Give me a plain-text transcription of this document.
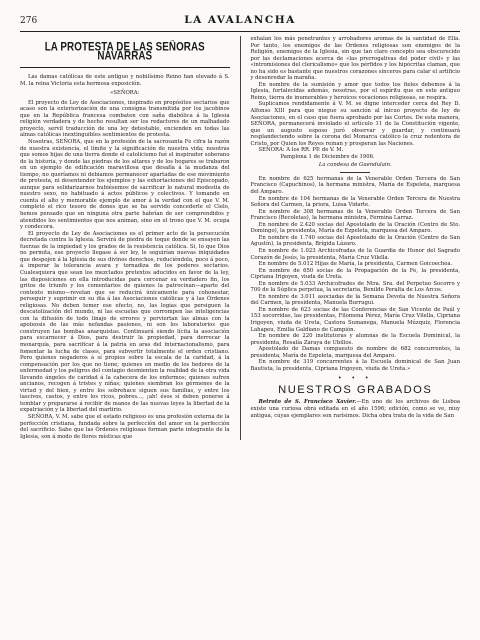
276	LA AVALANCHA
LA PROTESTA DE LAS SEÑORAS NAVARRAS

Las damas católicas de este antiguo y nobilísimo Reino han elevado á S. M. la reina Victoria esta hermosa exposición.

«SEÑORA:

El proyecto de Ley de Asociaciones, inspirado en propósitos sectarios que acaso son la exteriorización de una consigna transmitida por los jacobinos que en la República francesa combaten con saña diabólica á la Iglesia religión verdadera y de hecho resultan ser los redactores de un malhadado proyecto, servil traducción de una ley detestable, encienden en todas las almas católicas inextinguibles sentimientos de protesta.

Nosotras, SEÑORA, que en la profesión de la sacrosanta Fe cifra la razón de nuestra existencia, el límite y la significación de nuestra vida; nosotras que somos hijas de una tierra donde el catolicismo fué el inspirador soberano de la historia, y donde las piedras de los altares y de los hogares se trabaron en un ejemplo de edificación maravillosa que desafía á la mudanza del tiempo, no queríamos ni debíamos permanecer apartadas de ese movimiento de protesta, ni desentender los ejemplos y las exhortaciones del Episcopado, aunque para solidarizarnos hubiésemos de sacrificar lo natural modestia de nuestro sexo, no habituado á actos públicos y colectivos. Y tomando en cuenta el alto y memorable ejemplo de amor á la verdad con el que V. M. completó el rico tesoro de dones que se ha servido concederle el Cielo, hemos pensado que en ninguna otra parte habrían de ser comprendidos y atendidos los sentimientos que nos animan, sino en el trono que V. M. ocupa y condecora.

El proyecto de Ley de Asociaciones es el primer acto de la persecución decretada contra la Iglesia. Servirá de piedra de toque donde se ensayen las fuerzas de la impiedad y los grados de la resistencia católica. Si, lo que Dios no permita, ese proyecto llegase á ser ley, le seguirían nuevas iniquidades que despojen á la Iglesia de sus divinos derechos, reduciéndola, poco á poco, á imperar la tolerancia avara y tornadiza de los poderes sectarios. Cualesquiera que sean los mezclados pretextos aducidos en favor de la ley, las disposiciones en ella introducidas para cercenar su verdadero fin, los gritos de triunfo y los comentarios de quienes la patrocinan—aparte del contexto mismo—revelan que se reducirá únicamente para cohonestar, perseguir y suprimir en su día á las Asociaciones católicas y á las Órdenes religiosas. No deben temer ese efecto, no, las logias que persiguen la descatolización del mundo, ni las escuelas que corrompen las inteligencias con la difusión de todo linaje de errores y perviertan las almas con la apoteosis de las más nefandas pasiones, ni son los laboratorios que construyen las bombas anarquistas. Continuará siendo lícita la asociación para escarnecer á Dios, para destruir la propiedad, para derrocar la monarquía, para sacrificar á la patria en aras del internacionalismo, para fomentar la lucha de clases, para subvertir totalmente el orden cristiano. Pero quienes negaderos á sí propios sobre la escala de la caridad, á la compensación por los que no tiene; quienes en medio de los hedores de la enfermedad y los peligros del contagio desmienten la realidad de la otra vida llevando ángeles de caridad á la cabecera de los enfermos; quienes sufren ancianos, recogen á tristes y niñas; quienes siembran los gérmenes de la virtud y del bien, y entre los sobrehace siguen sus familias, y entre los lascivos, castos, y entre los ricos, pobres..., ¡ah! ésos sí deben ponerse á temblar y prepararse á recibir de manos de las nuevas leyes la libertad de la expatriación y la libertad del martirio.

SEÑORA, V. M. sabe que el estado religioso es una profesión externa de la perfección cristiana, fundada sobre la perfección del amor en la perfección del sacrificio. Sabe que las Órdenes religiosas forman parte integrante de la Iglesia, son á modo de flores místicas que

exhalan los más penetrantes y arrobadores aromas de la santidad de Ella. Por tanto, los enemigos de las Órdenes religiosas son enemigos de la Religión, enemigos de la Iglesia, sin que tan claro concepto sea obscurecido por las declamaciones acerca de «las prerrogativas del poder civil» y las «intromisiones del clericalismo» que los pérfidos y los hipócritas claman, que no ha sido es bastante que nuestros corazones sinceros para calar el artificio y desenredar la maraña.

En nombre de la sumisión y amor que todos los fieles debemos á la Iglesia, fortalecidas además, nosotras, por el espíritu que en este antiguo Reino, tierra de inumerables y heroicos vocaciones religiosas, se respira.

Suplicamos rendidamente á V. M. se digne interceder cerca del Rey D. Alfonso XIII para que niegue su sanción al inicuo proyecto de ley de Asociaciones, en el caso que fuera aprobado por las Cortes. De esta manera, SEÑORA, permanecerá inviolado el artículo 11 de la Constitución vigente, que un augusto esposo juró observar y guardar, y continuará resplandeciendo sobre la corona del Monarca católico la cruz redentora de Cristo, por Quien los Reyes reinan y prosperan las Naciones.

SEÑORA: A los RR. PP. de V. M.

Pamplona 1 de Diciembre de 1906.

La condesa de Guendulain.

En nombre de 625 hermanas de la Venerable Orden Tercera de San Francisco (Capuchinos), la hermana ministra, María de Espeleta, marquesa del Amparo.

En nombre de 104 hermanas de la Venerable Orden Tercera de Nuestra Señora del Carmen, la priora, Luisa Vidarte.

En nombre de 308 hermanas de la Venerable Orden Tercera de San Francisco (Recoletas), la hermana ministra, Fermina Larraz.

En nombre de 2.420 socias del Apostolado de la Oración (Centro de Sto. Domingo), la presidenta, María de Ezpeleta, marquesa del Amparo.

En nombre de 1.740 socias del Apostolado de la Oración (Centro de San Agustín), la presidenta, Brígida Lázaro.

En nombre de 1.023 Archicofradas de la Guardia de Honor del Sagrado Corazón de Jesús, la presidenta, María Cruz Vilella.

En nombre de 5.012 Hijas de María, la presidenta, Carmen Goicoechea.

En nombre de 650 socias de la Propagación de la Fe, la presidenta, Cipriana Irigoyen, viuda de Ureta.

En nombre de 5.033 Archicofrades de Ntra. Sra. del Perpetuo Socorro y 700 de la Súplica perpetua, la secretaria, Benilde Peralta de Los Arcos.

En nombre de 3.011 asociadas de la Semana Devota de Nuestra Señora del Carmen, la presidenta, Manuela Burrugui.

En nombre de 623 socias de las Conferencias de San Vicente de Paúl y 153 socorridas, las presidentas, Filomena Pérez, María Cruz Vilella, Cipriana Irigoyen, viuda de Ureta, Castora Sumanega, Manuela Múzquiz, Florencia Lahapeu, Emilia Galdiano de Campión.

En nombre de 220 institutoras y alumnas de la Escuela Dominical, la presidenta, Rosalía Zaraya de Ubillos.

Apostolado de Damas compuesto de nombre de 682 concurrentes, la presidenta, María de Ezpeleta, marquesa del Amparo.

En nombre de 319 concurrentes á la Escuela dominical de San Juan Bautista, la presidenta, Cipriana Irigoyen, viuda de Ureta.»

• • •
NUESTROS GRABADOS

Retrato de S. Francisco Xavier.—En uno de los archivos de Lisboa existe una curiosa obra editada en el año 1596; edición, como se ve, muy antigua, cuyas ejemplares son rarísimos. Dicha obra trata de la vida de San
